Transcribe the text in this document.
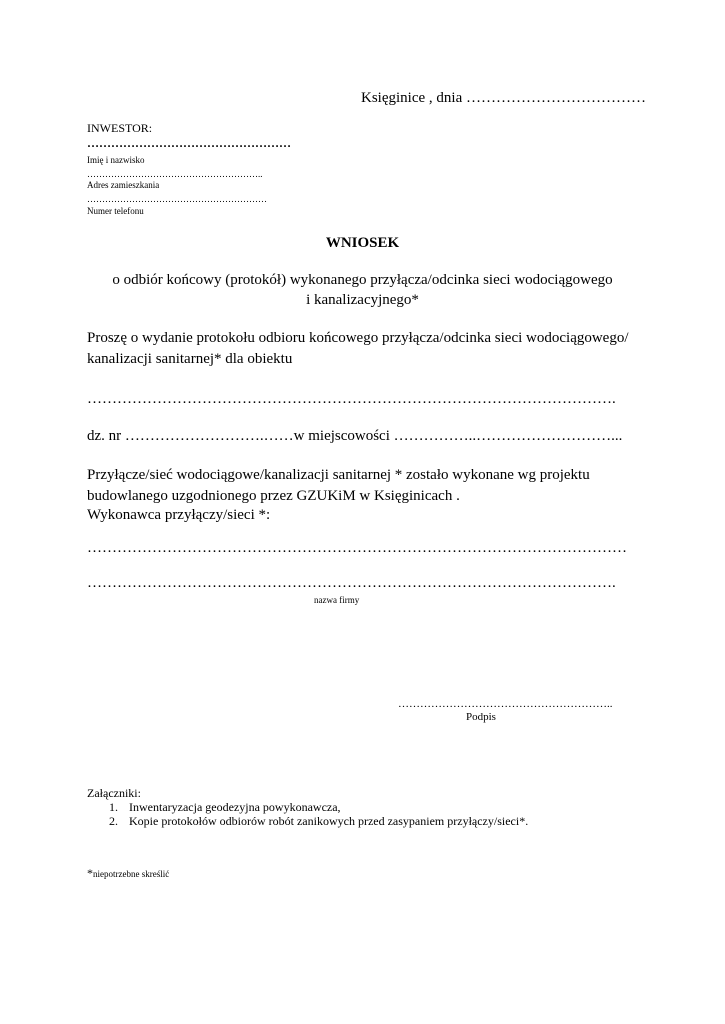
Księginice , dnia ………………………………
INWESTOR:
……………………………………………
Imię i nazwisko
…………………………………………………..
Adres zamieszkania
……………………………………………………
Numer telefonu
WNIOSEK
o odbiór końcowy (protokół) wykonanego przyłącza/odcinka sieci wodociągowego
i kanalizacyjnego*
Proszę o wydanie protokołu odbioru końcowego przyłącza/odcinka sieci wodociągowego/
kanalizacji sanitarnej* dla obiektu
…………………………………………………………………………………………….
dz. nr ……………………….……w miejscowości ……………..………………………...
Przyłącze/sieć wodociągowe/kanalizacji sanitarnej * zostało wykonane wg projektu
budowlanego uzgodnionego przez GZUKiM w Księginicach .
Wykonawca przyłączy/sieci *:
………………………………………………………………………………………………
…………………………………………………………………………………………….
nazwa firmy
…………………………………………………..
Podpis
Załączniki:
1. Inwentaryzacja geodezyjna powykonawcza,
2. Kopie protokołów odbiorów robót zanikowych przed zasypaniem przyłączy/sieci*.
*niepotrzebne skreślić
